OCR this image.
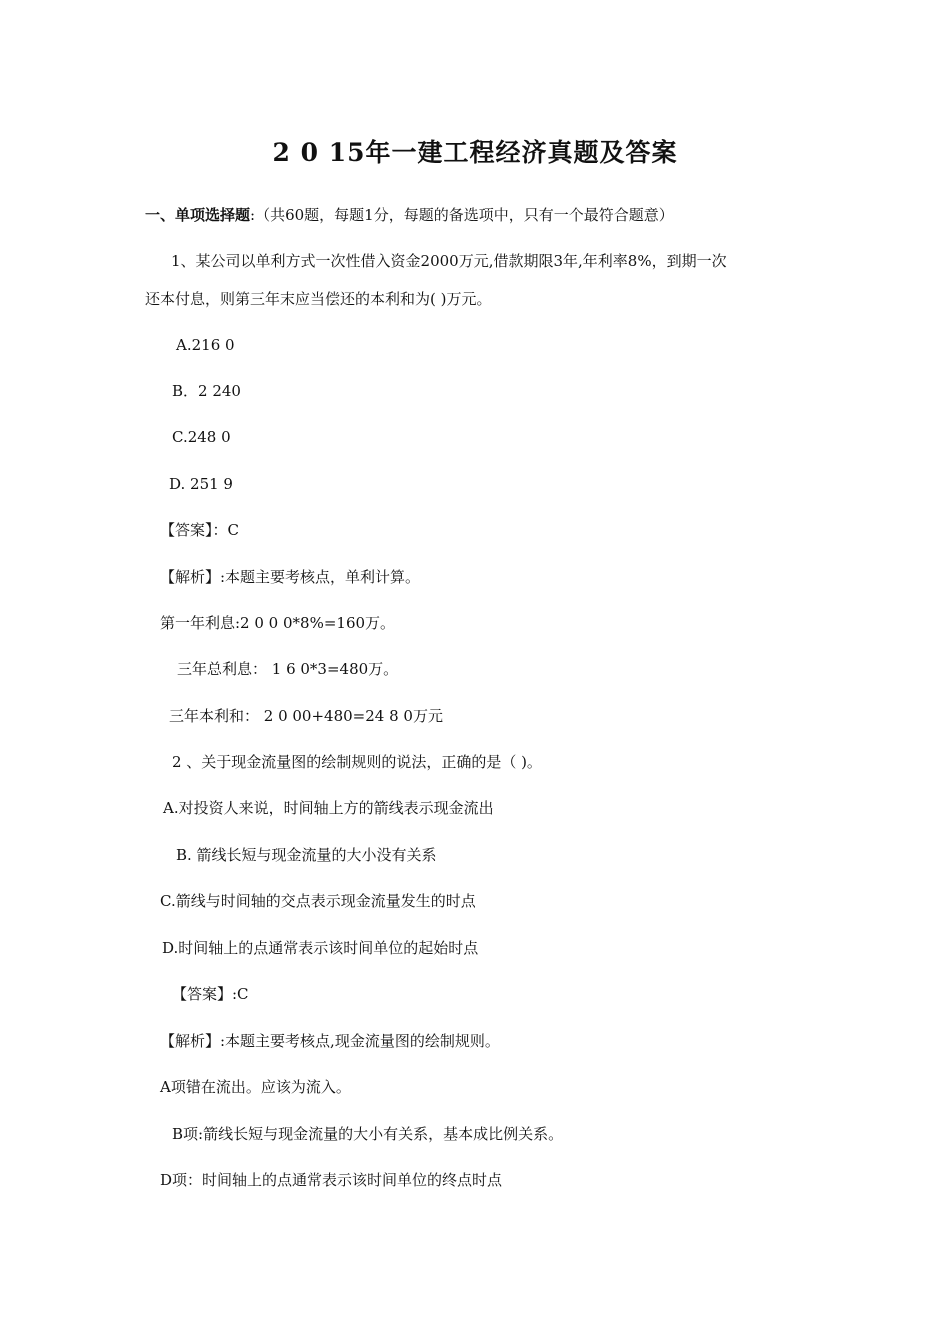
2 0 15年一建工程经济真题及答案
一、单项选择题:（共60题，每题1分，每题的备选项中，只有一个最符合题意）
1、某公司以单利方式一次性借入资金2000万元,借款期限3年,年利率8%，到期一次
还本付息，则第三年末应当偿还的本利和为( )万元。
A.216 0
B．2 240
C.248 0
D. 251 9
【答案】：C
【解析】:本题主要考核点，单利计算。
第一年利息:2 0 0 0*8%=160万。
三年总利息： 1 6 0*3=480万。
三年本利和： 2 0 00+480=24 8 0万元
2 、关于现金流量图的绘制规则的说法，正确的是（ )。
A.对投资人来说，时间轴上方的箭线表示现金流出
B. 箭线长短与现金流量的大小没有关系
C.箭线与时间轴的交点表示现金流量发生的时点
D.时间轴上的点通常表示该时间单位的起始时点
【答案】:C
【解析】:本题主要考核点,现金流量图的绘制规则。
A项错在流出。应该为流入。
B项:箭线长短与现金流量的大小有关系，基本成比例关系。
D项：时间轴上的点通常表示该时间单位的终点时点
